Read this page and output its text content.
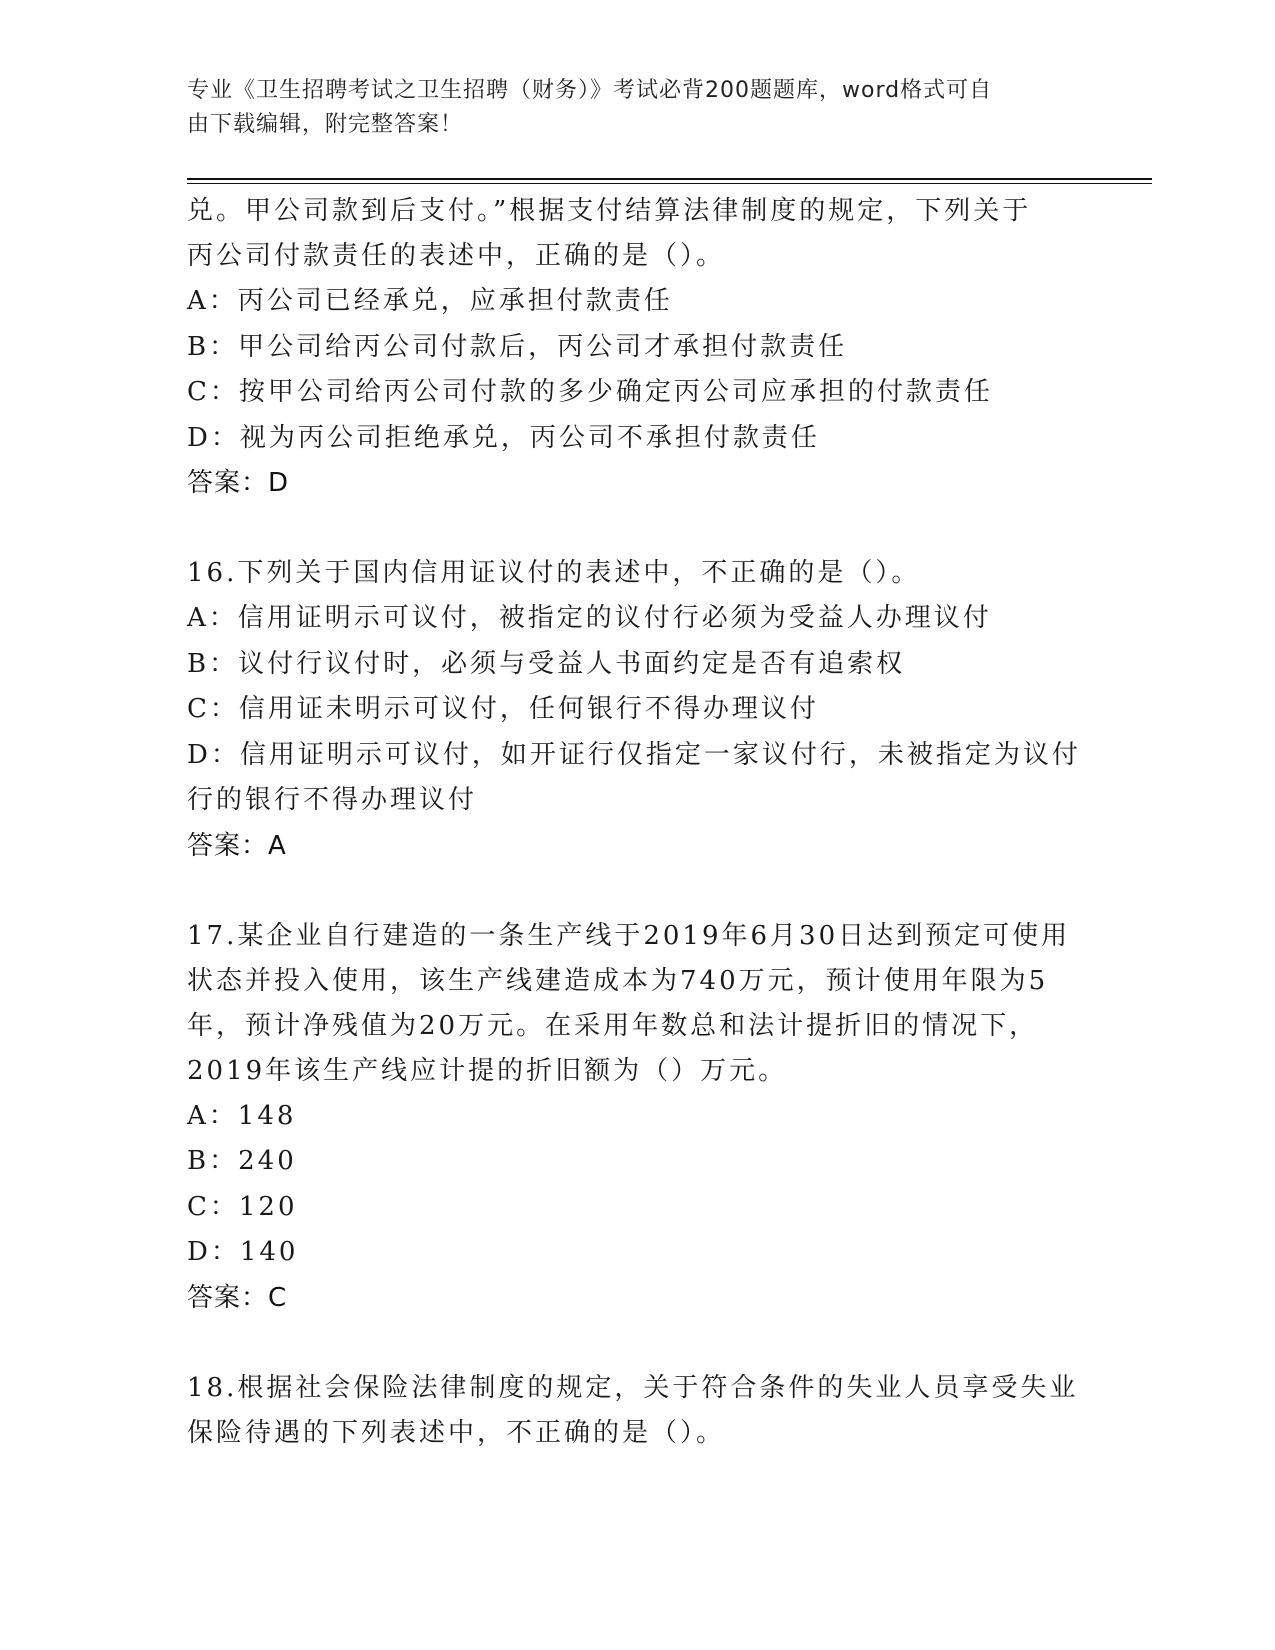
专业《卫生招聘考试之卫生招聘（财务）》考试必背200题题库，word格式可自
由下载编辑，附完整答案！

兑。甲公司款到后支付。”根据支付结算法律制度的规定，下列关于

丙公司付款责任的表述中，正确的是（）。

A：丙公司已经承兑，应承担付款责任

B：甲公司给丙公司付款后，丙公司才承担付款责任

C：按甲公司给丙公司付款的多少确定丙公司应承担的付款责任

D：视为丙公司拒绝承兑，丙公司不承担付款责任

答案：D

16.下列关于国内信用证议付的表述中，不正确的是（）。

A：信用证明示可议付，被指定的议付行必须为受益人办理议付

B：议付行议付时，必须与受益人书面约定是否有追索权

C：信用证未明示可议付，任何银行不得办理议付

D：信用证明示可议付，如开证行仅指定一家议付行，未被指定为议付

行的银行不得办理议付

答案：A

17.某企业自行建造的一条生产线于2019年6月30日达到预定可使用

状态并投入使用，该生产线建造成本为740万元，预计使用年限为5

年，预计净残值为20万元。在采用年数总和法计提折旧的情况下，

2019年该生产线应计提的折旧额为（）万元。

A：148

B：240

C：120

D：140

答案：C

18.根据社会保险法律制度的规定，关于符合条件的失业人员享受失业

保险待遇的下列表述中，不正确的是（）。
